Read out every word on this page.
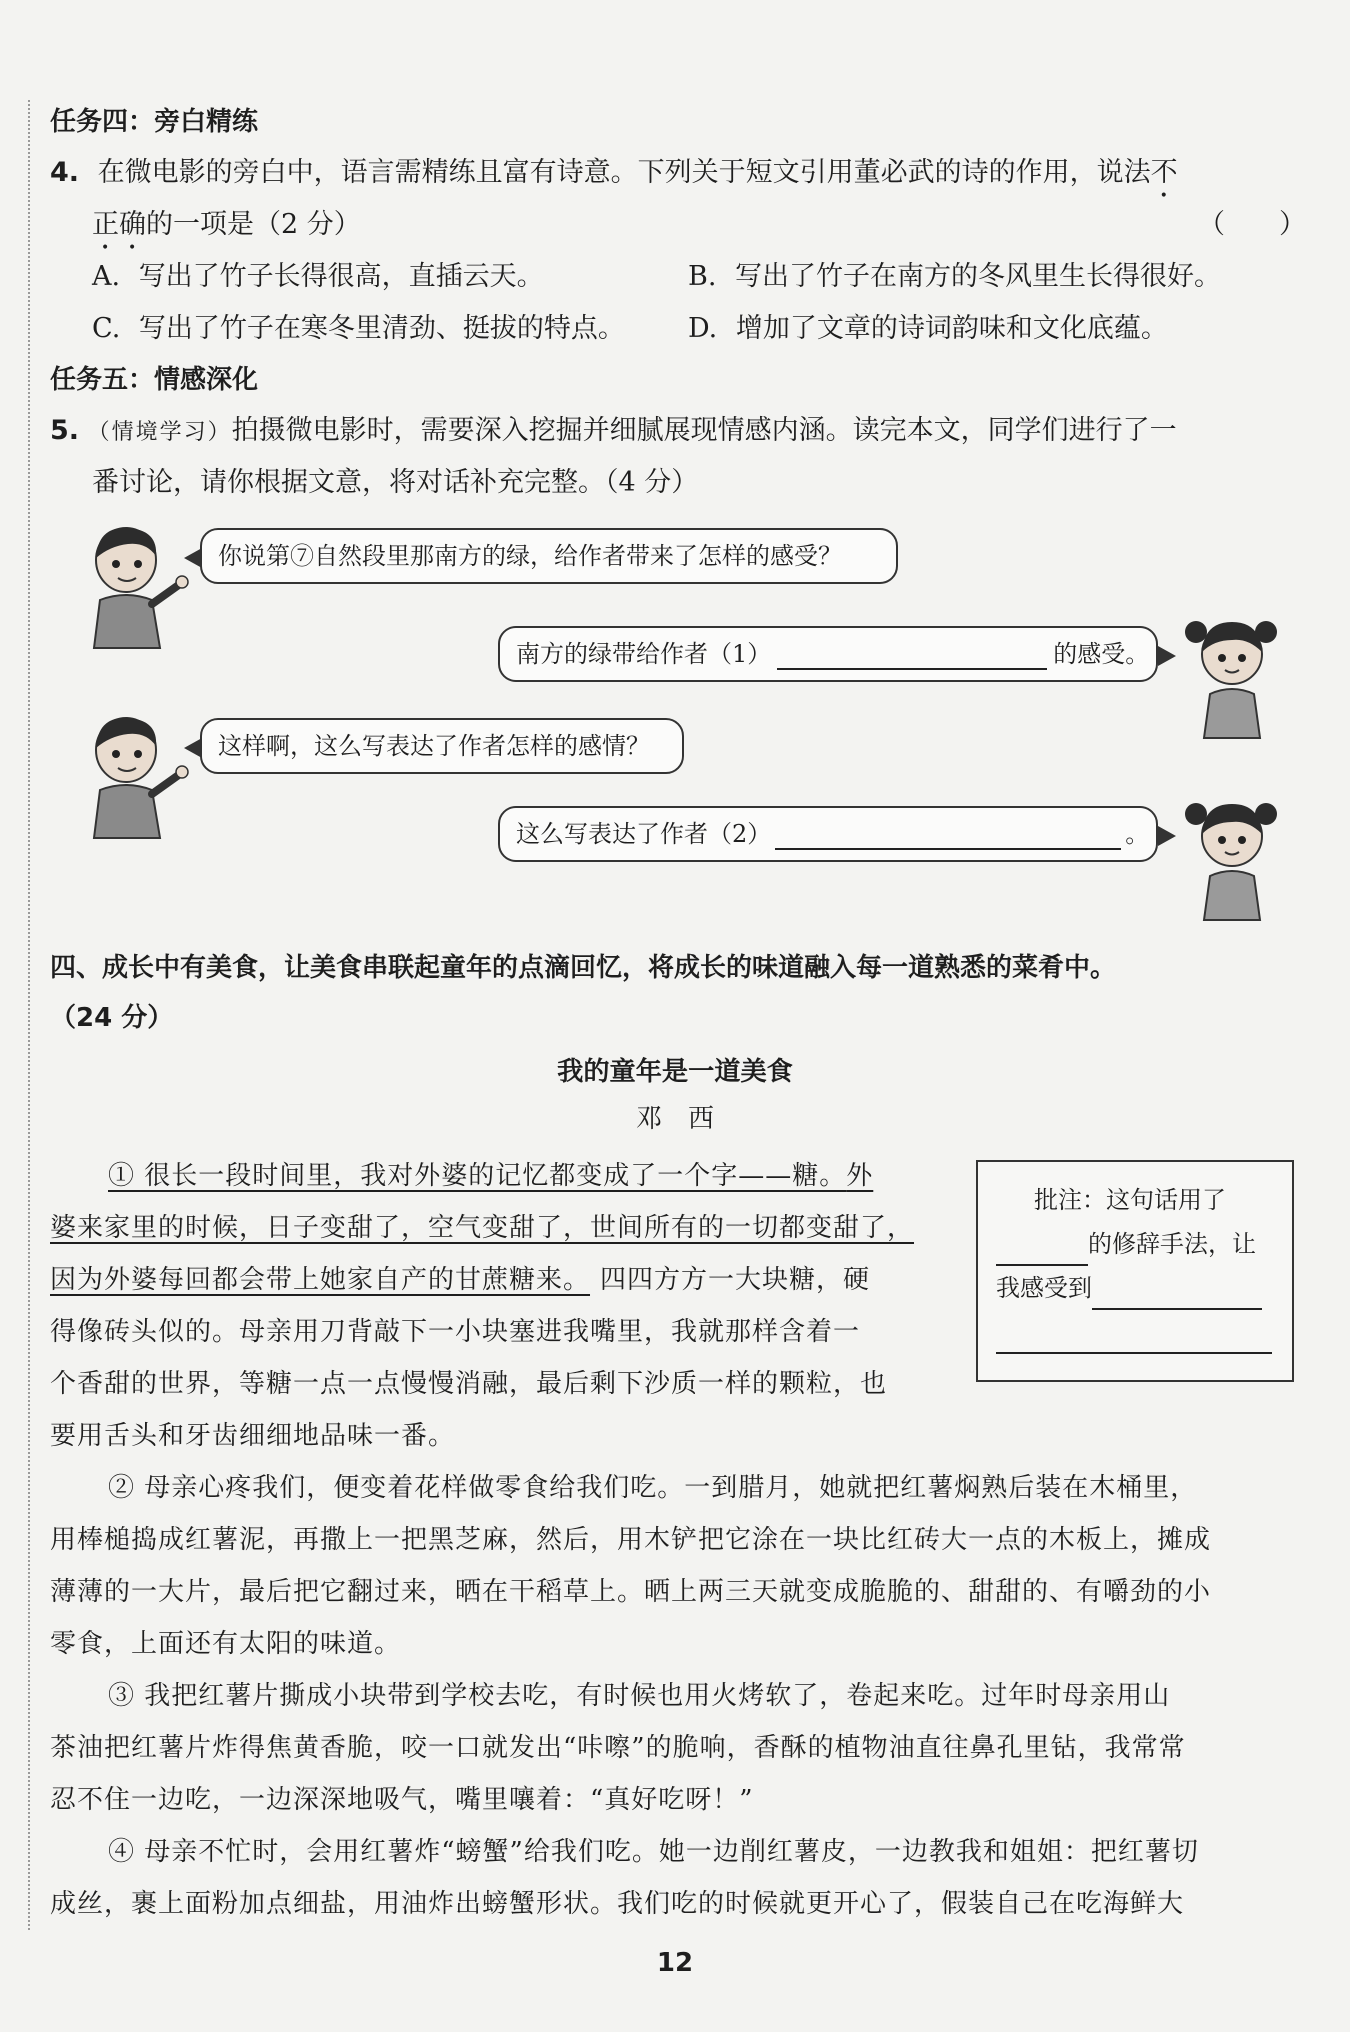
任务四：旁白精练
4. 在微电影的旁白中，语言需精练且富有诗意。下列关于短文引用董必武的诗的作用，说法不
正确的一项是（2 分）	（　　）
A. 写出了竹子长得很高，直插云天。	B. 写出了竹子在南方的冬风里生长得很好。
C. 写出了竹子在寒冬里清劲、挺拔的特点。 D. 增加了文章的诗词韵味和文化底蕴。
任务五：情感深化
5. （情境学习）拍摄微电影时，需要深入挖掘并细腻展现情感内涵。读完本文，同学们进行了一
番讨论，请你根据文意，将对话补充完整。（4 分）
你说第⑦自然段里那南方的绿，给作者带来了怎样的感受？
南方的绿带给作者（1）	的感受。
这样啊，这么写表达了作者怎样的感情？
这么写表达了作者（2）	。
四、成长中有美食，让美食串联起童年的点滴回忆，将成长的味道融入每一道熟悉的菜肴中。
（24 分）
我的童年是一道美食
邓　西
① 很长一段时间里，我对外婆的记忆都变成了一个字——糖。外
婆来家里的时候，日子变甜了，空气变甜了，世间所有的一切都变甜了，
因为外婆每回都会带上她家自产的甘蔗糖来。 四四方方一大块糖，硬
得像砖头似的。母亲用刀背敲下一小块塞进我嘴里，我就那样含着一
个香甜的世界，等糖一点一点慢慢消融，最后剩下沙质一样的颗粒，也
要用舌头和牙齿细细地品味一番。
批注：这句话用了
的修辞手法，让
我感受到
② 母亲心疼我们，便变着花样做零食给我们吃。一到腊月，她就把红薯焖熟后装在木桶里，
用棒槌捣成红薯泥，再撒上一把黑芝麻，然后，用木铲把它涂在一块比红砖大一点的木板上，摊成
薄薄的一大片，最后把它翻过来，晒在干稻草上。晒上两三天就变成脆脆的、甜甜的、有嚼劲的小
零食，上面还有太阳的味道。
③ 我把红薯片撕成小块带到学校去吃，有时候也用火烤软了，卷起来吃。过年时母亲用山
茶油把红薯片炸得焦黄香脆，咬一口就发出“咔嚓”的脆响，香酥的植物油直往鼻孔里钻，我常常
忍不住一边吃，一边深深地吸气，嘴里嚷着：“真好吃呀！”
④ 母亲不忙时，会用红薯炸“螃蟹”给我们吃。她一边削红薯皮，一边教我和姐姐：把红薯切
成丝，裹上面粉加点细盐，用油炸出螃蟹形状。我们吃的时候就更开心了，假装自己在吃海鲜大
12
